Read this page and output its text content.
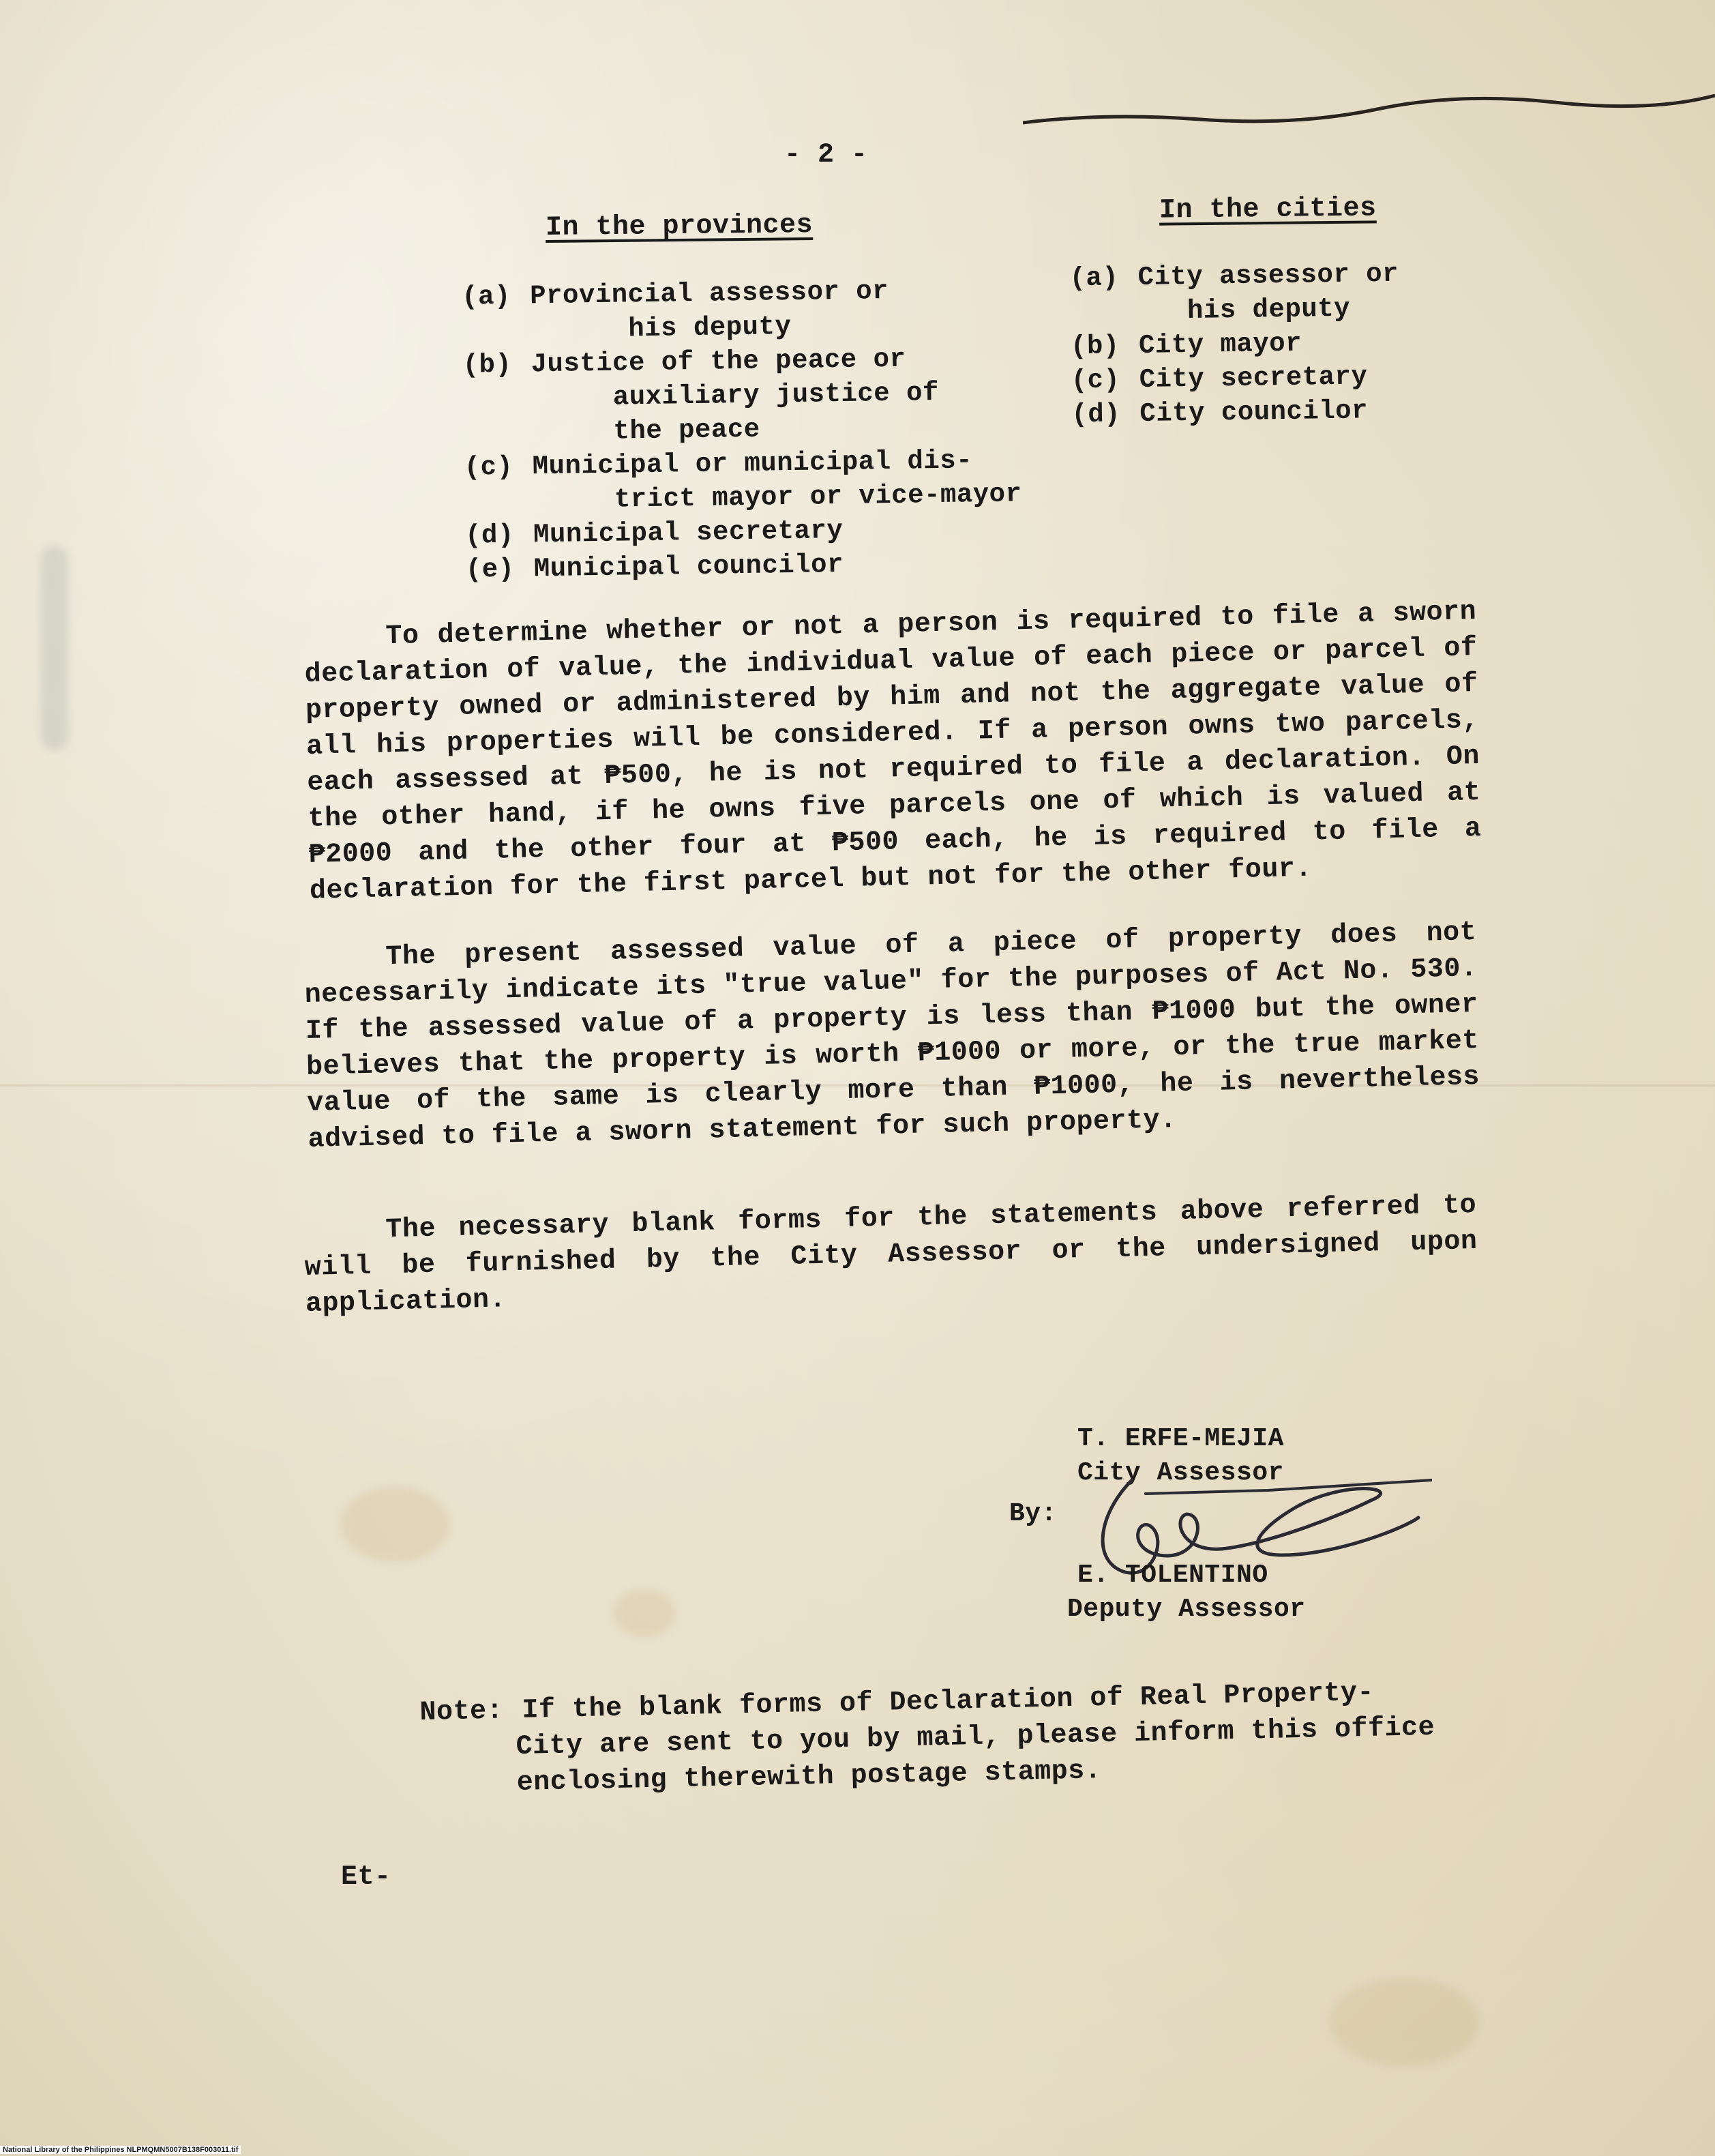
- 2 -
In the provinces
(a) Provincial assessor or
his deputy
(b) Justice of the peace or
auxiliary justice of
the peace
(c) Municipal or municipal dis-
trict mayor or vice-mayor
(d) Municipal secretary
(e) Municipal councilor
In the cities
(a) City assessor or
his deputy
(b) City mayor
(c) City secretary
(d) City councilor
To determine whether or not a person is required to file a sworn declaration of value, the individual value of each piece or parcel of property owned or administered by him and not the aggregate value of all his properties will be considered. If a person owns two parcels, each assessed at ₱500, he is not required to file a declaration. On the other hand, if he owns five parcels one of which is valued at ₱2000 and the other four at ₱500 each, he is required to file a declaration for the first parcel but not for the other four.
The present assessed value of a piece of property does not necessarily indicate its "true value" for the purposes of Act No. 530. If the assessed value of a property is less than ₱1000 but the owner believes that the property is worth ₱1000 or more, or the true market value of the same is clearly more than ₱1000, he is nevertheless advised to file a sworn statement for such property.
The necessary blank forms for the statements above referred to will be furnished by the City Assessor or the undersigned upon application.
T. ERFE-MEJIA
City Assessor
By:
E. TOLENTINO
Deputy Assessor
Note: If the blank forms of Declaration of Real Property-
City are sent to you by mail, please inform this office
enclosing therewith postage stamps.
Et-
National Library of the Philippines NLPMQMN5007B138F003011.tif
